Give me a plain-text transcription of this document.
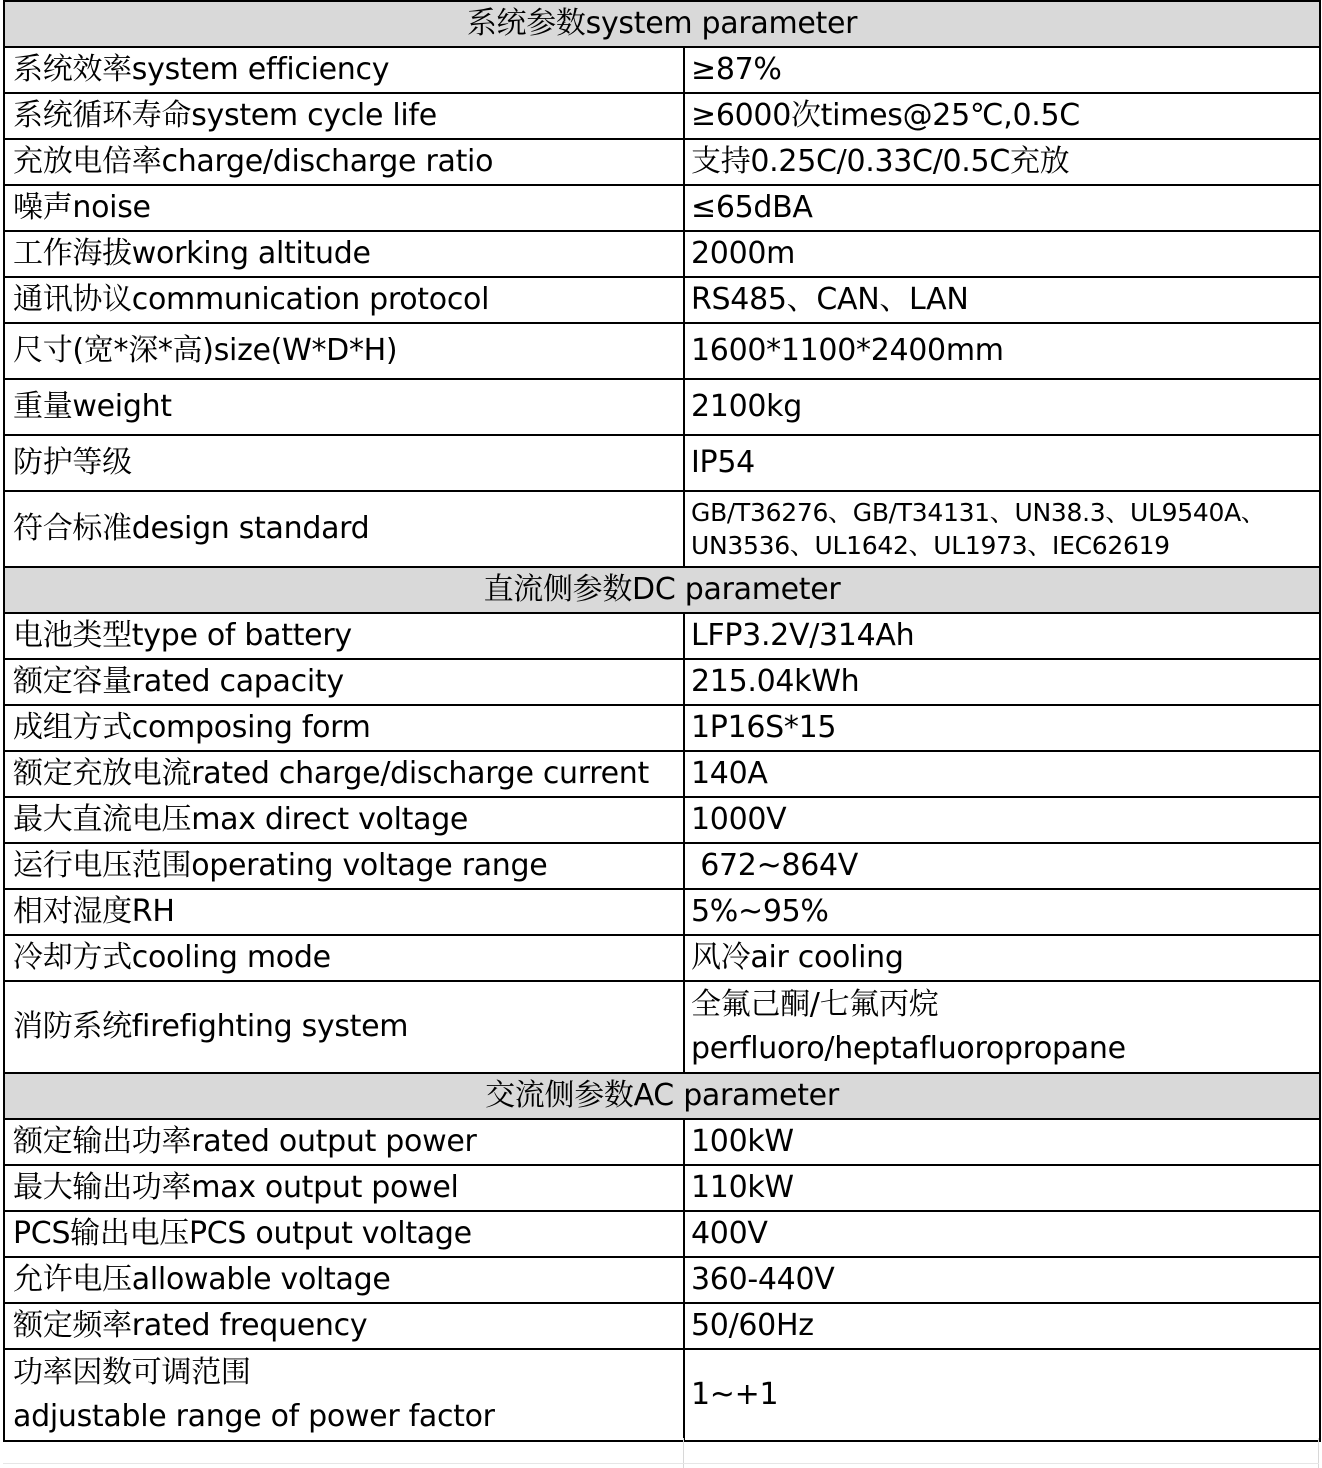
系统参数system parameter	
系统效率system efficiency	≥87%
系统循环寿命system cycle life	≥6000次times@25℃,0.5C
充放电倍率charge/discharge ratio	支持0.25C/0.33C/0.5C充放
噪声noise	≤65dBA
工作海拔working altitude	2000m
通讯协议communication protocol	RS485、CAN、LAN
尺寸(宽*深*高)size(W*D*H)	1600*1100*2400mm
重量weight	2100kg
防护等级	IP54
符合标准design standard	GB/T36276、GB/T34131、UN38.3、UL9540A、
UN3536、UL1642、UL1973、IEC62619

直流侧参数DC parameter	
电池类型type of battery	LFP3.2V/314Ah
额定容量rated capacity	215.04kWh
成组方式composing form	1P16S*15
额定充放电流rated charge/discharge current	140A
最大直流电压max direct voltage	1000V
运行电压范围operating voltage range	672~864V
相对湿度RH	5%~95%
冷却方式cooling mode	风冷air cooling
消防系统firefighting system	全氟己酮/七氟丙烷
perfluoro/heptafluoropropane

交流侧参数AC parameter	
额定输出功率rated output power	100kW
最大输出功率max output powel	110kW
PCS输出电压PCS output voltage	400V
允许电压allowable voltage	360-440V
额定频率rated frequency	50/60Hz

功率因数可调范围
adjustable range of power factor	1~+1
